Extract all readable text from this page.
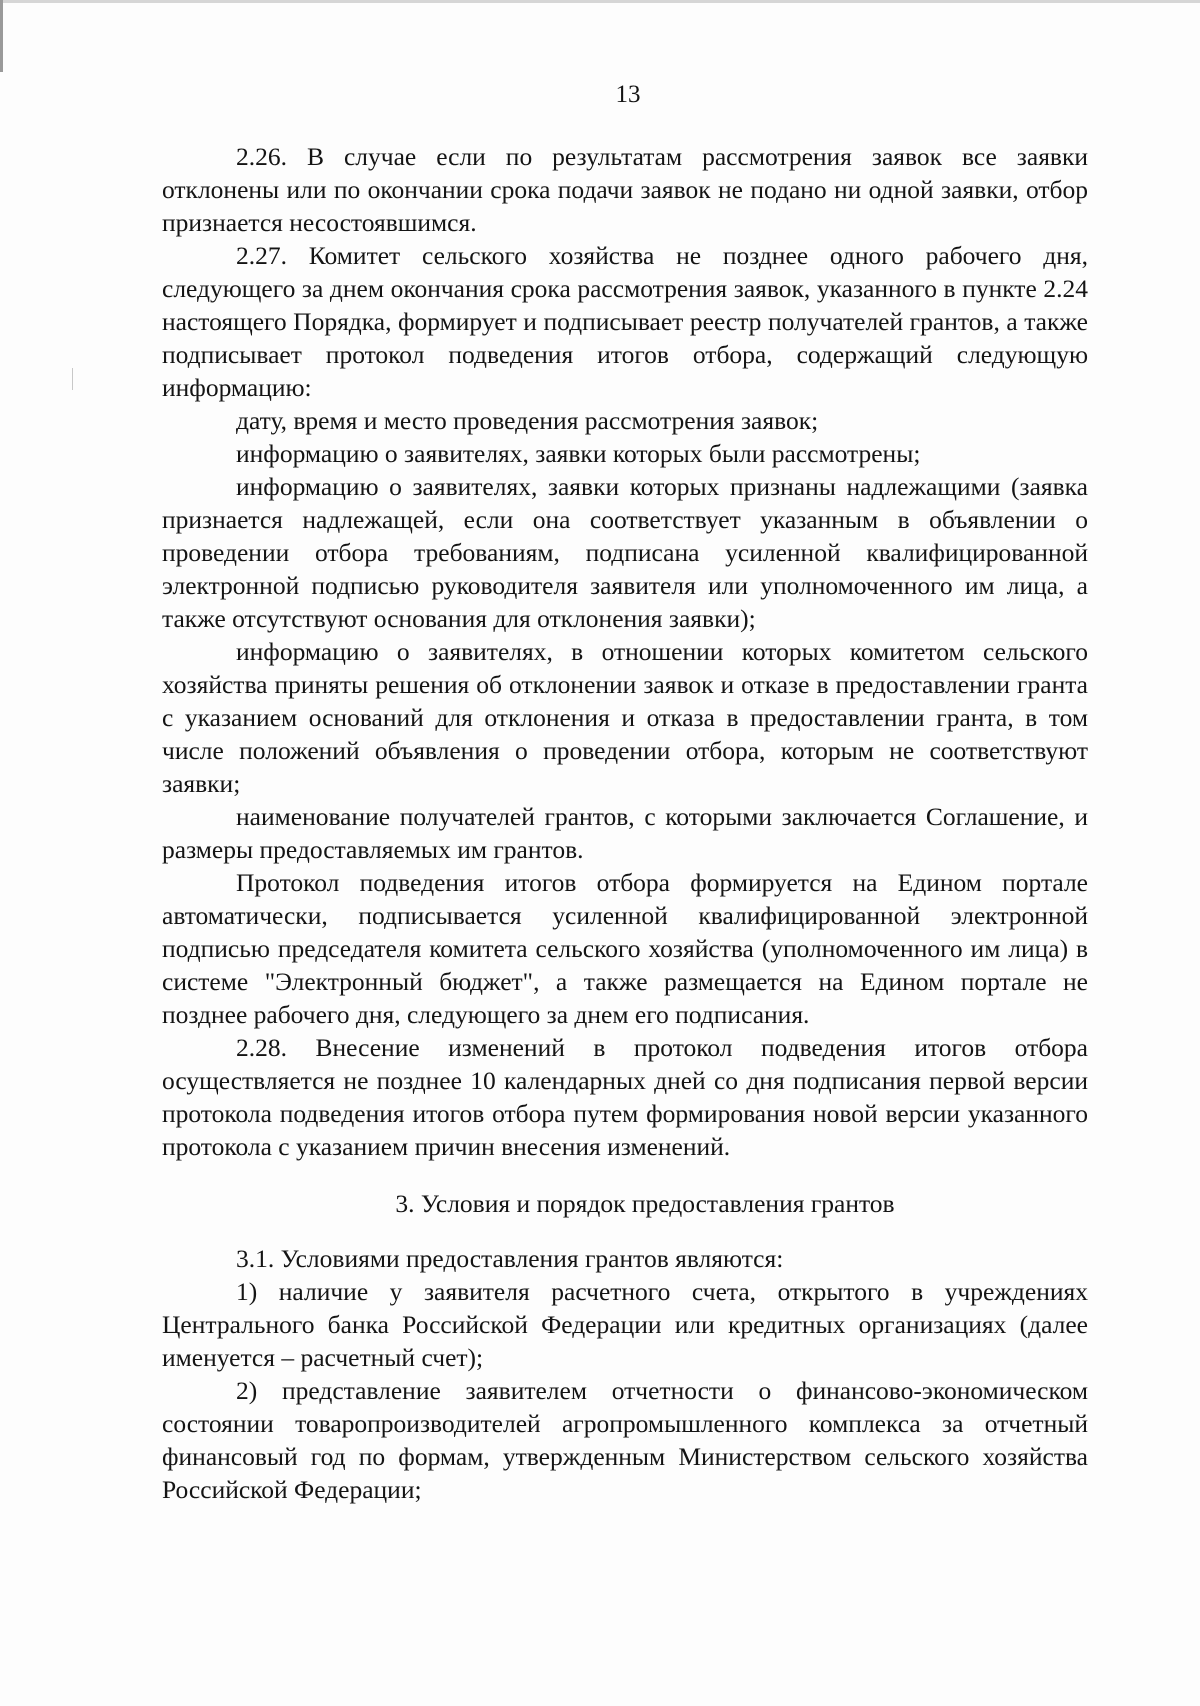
13

2.26. В случае если по результатам рассмотрения заявок все заявки отклонены или по окончании срока подачи заявок не подано ни одной заявки, отбор признается несостоявшимся.

2.27. Комитет сельского хозяйства не позднее одного рабочего дня, следующего за днем окончания срока рассмотрения заявок, указанного в пункте 2.24 настоящего Порядка, формирует и подписывает реестр получателей грантов, а также подписывает протокол подведения итогов отбора, содержащий следующую информацию:

дату, время и место проведения рассмотрения заявок;

информацию о заявителях, заявки которых были рассмотрены;

информацию о заявителях, заявки которых признаны надлежащими (заявка признается надлежащей, если она соответствует указанным в объявлении о проведении отбора требованиям, подписана усиленной квалифицированной электронной подписью руководителя заявителя или уполномоченного им лица, а также отсутствуют основания для отклонения заявки);

информацию о заявителях, в отношении которых комитетом сельского хозяйства приняты решения об отклонении заявок и отказе в предоставлении гранта с указанием оснований для отклонения и отказа в предоставлении гранта, в том числе положений объявления о проведении отбора, которым не соответствуют заявки;

наименование получателей грантов, с которыми заключается Соглашение, и размеры предоставляемых им грантов.

Протокол подведения итогов отбора формируется на Едином портале автоматически, подписывается усиленной квалифицированной электронной подписью председателя комитета сельского хозяйства (уполномоченного им лица) в системе "Электронный бюджет", а также размещается на Едином портале не позднее рабочего дня, следующего за днем его подписания.

2.28. Внесение изменений в протокол подведения итогов отбора осуществляется не позднее 10 календарных дней со дня подписания первой версии протокола подведения итогов отбора путем формирования новой версии указанного протокола с указанием причин внесения изменений.

3. Условия и порядок предоставления грантов

3.1. Условиями предоставления грантов являются:

1) наличие у заявителя расчетного счета, открытого в учреждениях Центрального банка Российской Федерации или кредитных организациях (далее именуется – расчетный счет);

2) представление заявителем отчетности о финансово-экономическом состоянии товаропроизводителей агропромышленного комплекса за отчетный финансовый год по формам, утвержденным Министерством сельского хозяйства Российской Федерации;
